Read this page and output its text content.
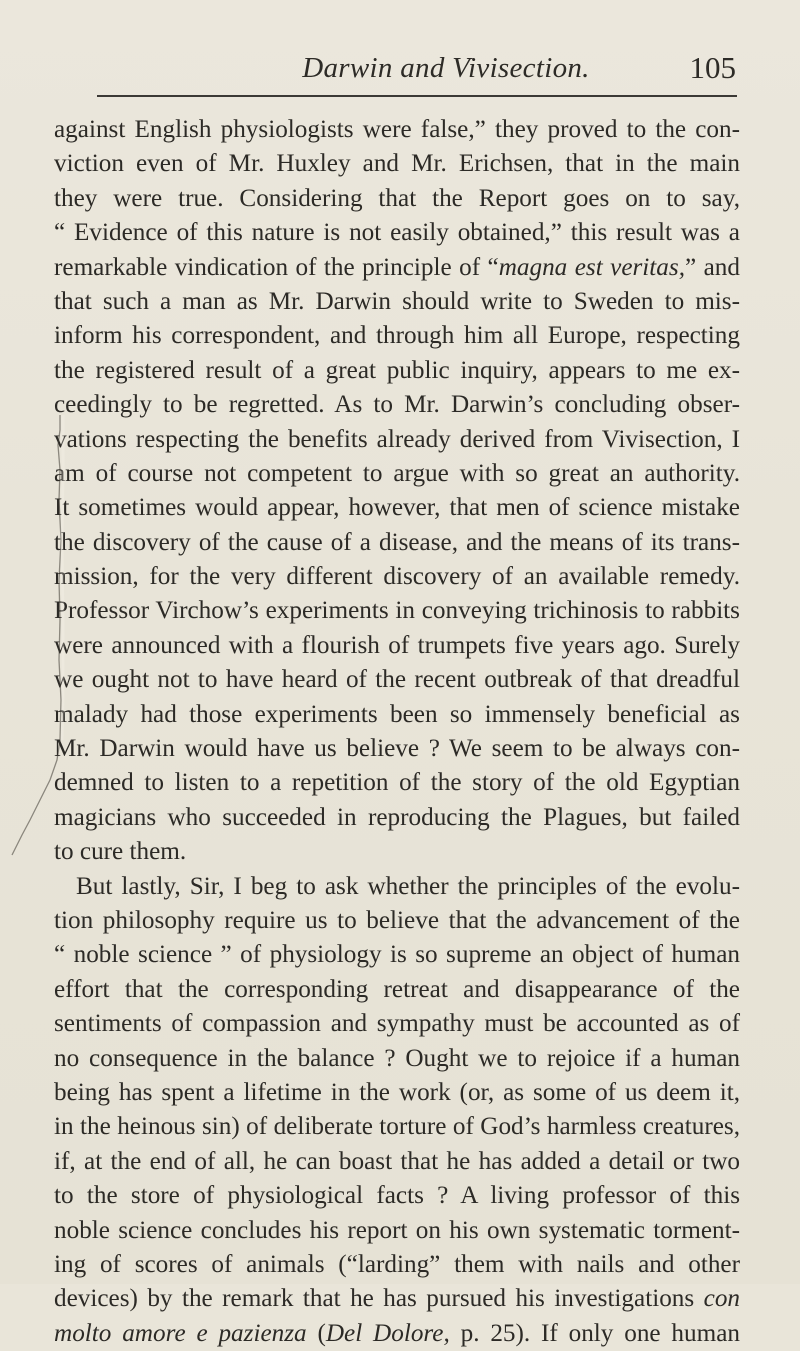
Darwin and Vivisection.	105
against English physiologists were false,” they proved to the con-
viction even of Mr. Huxley and Mr. Erichsen, that in the main
they were true. Considering that the Report goes on to say,
“ Evidence of this nature is not easily obtained,” this result was a
remarkable vindication of the principle of “magna est veritas,” and
that such a man as Mr. Darwin should write to Sweden to mis-
inform his correspondent, and through him all Europe, respecting
the registered result of a great public inquiry, appears to me ex-
ceedingly to be regretted. As to Mr. Darwin’s concluding obser-
vations respecting the benefits already derived from Vivisection, I
am of course not competent to argue with so great an authority.
It sometimes would appear, however, that men of science mistake
the discovery of the cause of a disease, and the means of its trans-
mission, for the very different discovery of an available remedy.
Professor Virchow’s experiments in conveying trichinosis to rabbits
were announced with a flourish of trumpets five years ago. Surely
we ought not to have heard of the recent outbreak of that dreadful
malady had those experiments been so immensely beneficial as
Mr. Darwin would have us believe ? We seem to be always con-
demned to listen to a repetition of the story of the old Egyptian
magicians who succeeded in reproducing the Plagues, but failed
to cure them.
But lastly, Sir, I beg to ask whether the principles of the evolu-
tion philosophy require us to believe that the advancement of the
“ noble science ” of physiology is so supreme an object of human
effort that the corresponding retreat and disappearance of the
sentiments of compassion and sympathy must be accounted as of
no consequence in the balance ? Ought we to rejoice if a human
being has spent a lifetime in the work (or, as some of us deem it,
in the heinous sin) of deliberate torture of God’s harmless creatures,
if, at the end of all, he can boast that he has added a detail or two
to the store of physiological facts ? A living professor of this
noble science concludes his report on his own systematic torment-
ing of scores of animals (“larding” them with nails and other
devices) by the remark that he has pursued his investigations con
molto amore e pazienza (Del Dolore, p. 25). If only one human
